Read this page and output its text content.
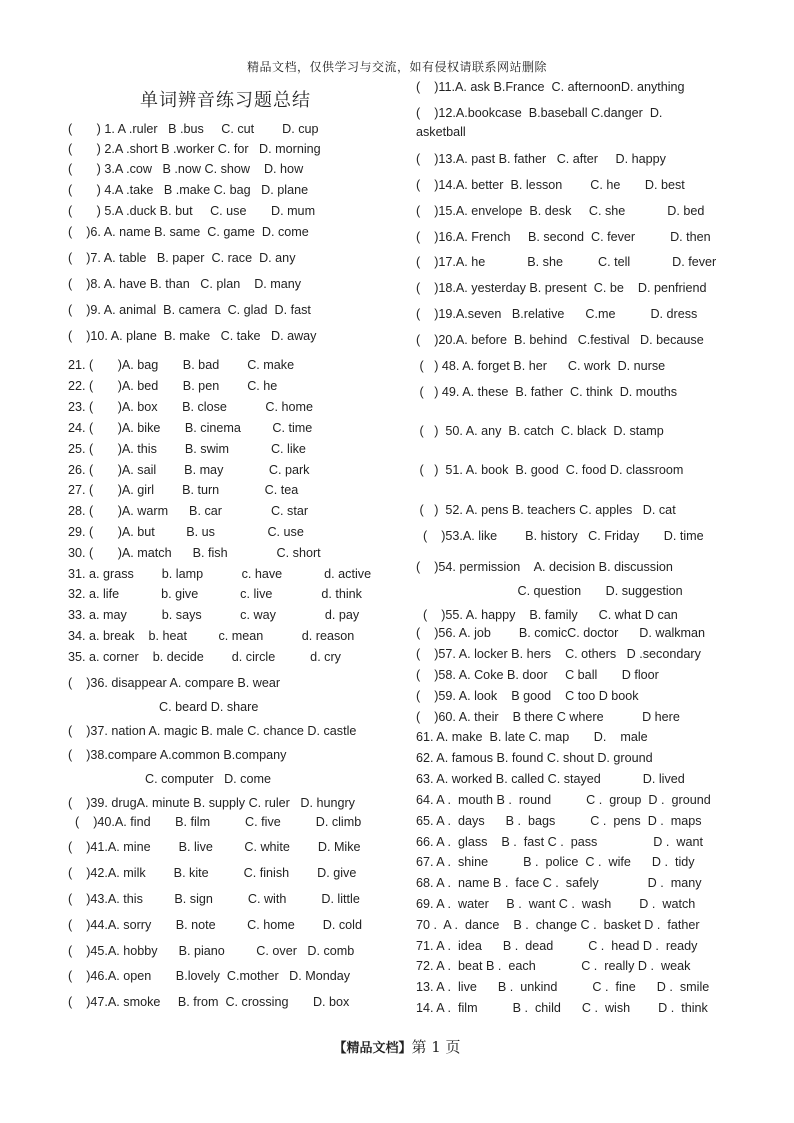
精品文档，仅供学习与交流，如有侵权请联系网站删除
单词辨音练习题总结
(       ) 1. A .ruler   B .bus     C. cut        D. cup
(       ) 2.A .short B .worker C. for   D. morning
(       ) 3.A .cow   B .now C. show    D. how
(       ) 4.A .take   B .make C. bag   D. plane
(       ) 5.A .duck B. but     C. use       D. mum
(    )6. A. name B. same  C. game  D. come
(    )7. A. table   B. paper  C. race  D. any
(    )8. A. have B. than   C. plan    D. many
(    )9. A. animal  B. camera  C. glad  D. fast
(    )10. A. plane  B. make   C. take   D. away
21. (       )A. bag       B. bad        C. make
22. (       )A. bed       B. pen        C. he
23. (       )A. box       B. close           C. home
24. (       )A. bike       B. cinema         C. time
25. (       )A. this        B. swim            C. like
26. (       )A. sail        B. may             C. park
27. (       )A. girl        B. turn             C. tea
28. (       )A. warm      B. car              C. star
29. (       )A. but         B. us               C. use
30. (       )A. match      B. fish              C. short
31. a. grass        b. lamp           c. have            d. active
32. a. life            b. give            c. live              d. think
33. a. may          b. says           c. way              d. pay
34. a. break    b. heat         c. mean           d. reason
35. a. corner    b. decide        d. circle          d. cry
(    )36. disappear A. compare B. wear
C. beard D. share
(    )37. nation A. magic B. male C. chance D. castle
(    )38.compare A.common B.company
C. computer   D. come
(    )39. drugA. minute B. supply C. ruler   D. hungry
(    )40.A. find       B. film          C. five          D. climb
(    )41.A. mine        B. live         C. white        D. Mike
(    )42.A. milk        B. kite          C. finish        D. give
(    )43.A. this         B. sign          C. with          D. little
(    )44.A. sorry       B. note         C. home        D. cold
(    )45.A. hobby      B. piano         C. over   D. comb
(    )46.A. open       B.lovely  C.mother   D. Monday
(    )47.A. smoke     B. from  C. crossing       D. box
(    )11.A. ask B.France  C. afternoonD. anything
(    )12.A.bookcase  B.baseball C.danger  D.
asketball
(    )13.A. past B. father   C. after     D. happy
(    )14.A. better  B. lesson        C. he       D. best
(    )15.A. envelope  B. desk     C. she            D. bed
(    )16.A. French     B. second  C. fever          D. then
(    )17.A. he            B. she          C. tell            D. fever
(    )18.A. yesterday B. present  C. be    D. penfriend
(    )19.A.seven   B.relative      C.me          D. dress
(    )20.A. before  B. behind   C.festival   D. because
(   ) 48. A. forget B. her      C. work  D. nurse
(   ) 49. A. these  B. father  C. think  D. mouths
(   )  50. A. any  B. catch  C. black  D. stamp
(   )  51. A. book  B. good  C. food D. classroom
(   )  52. A. pens B. teachers C. apples   D. cat
(    )53.A. like        B. history   C. Friday       D. time
(    )54. permission    A. decision B. discussion
C. question       D. suggestion
(    )55. A. happy    B. family      C. what D can
(    )56. A. job        B. comicC. doctor      D. walkman
(    )57. A. locker B. hers    C. others   D .secondary
(    )58. A. Coke B. door     C ball       D floor
(    )59. A. look    B good    C too D book
(    )60. A. their    B there C where           D here
61. A. make  B. late C. map       D.    male
62. A. famous B. found C. shout D. ground
63. A. worked B. called C. stayed            D. lived
64. A .  mouth B .  round          C .  group  D .  ground
65. A .  days      B .  bags          C .  pens  D .  maps
66. A .  glass    B .  fast C .  pass                D .  want
67. A .  shine          B .  police  C .  wife      D .  tidy
68. A .  name B .  face C .  safely              D .  many
69. A .  water     B .  want C .  wash        D .  watch
70 .  A .  dance    B .  change C .  basket D .  father
71. A .  idea      B .  dead          C .  head D .  ready
72. A .  beat B .  each             C .  really D .  weak
13. A .  live      B .  unkind          C .  fine      D .  smile
14. A .  film          B .  child      C .  wish        D .  think
【精品文档】第 1 页
